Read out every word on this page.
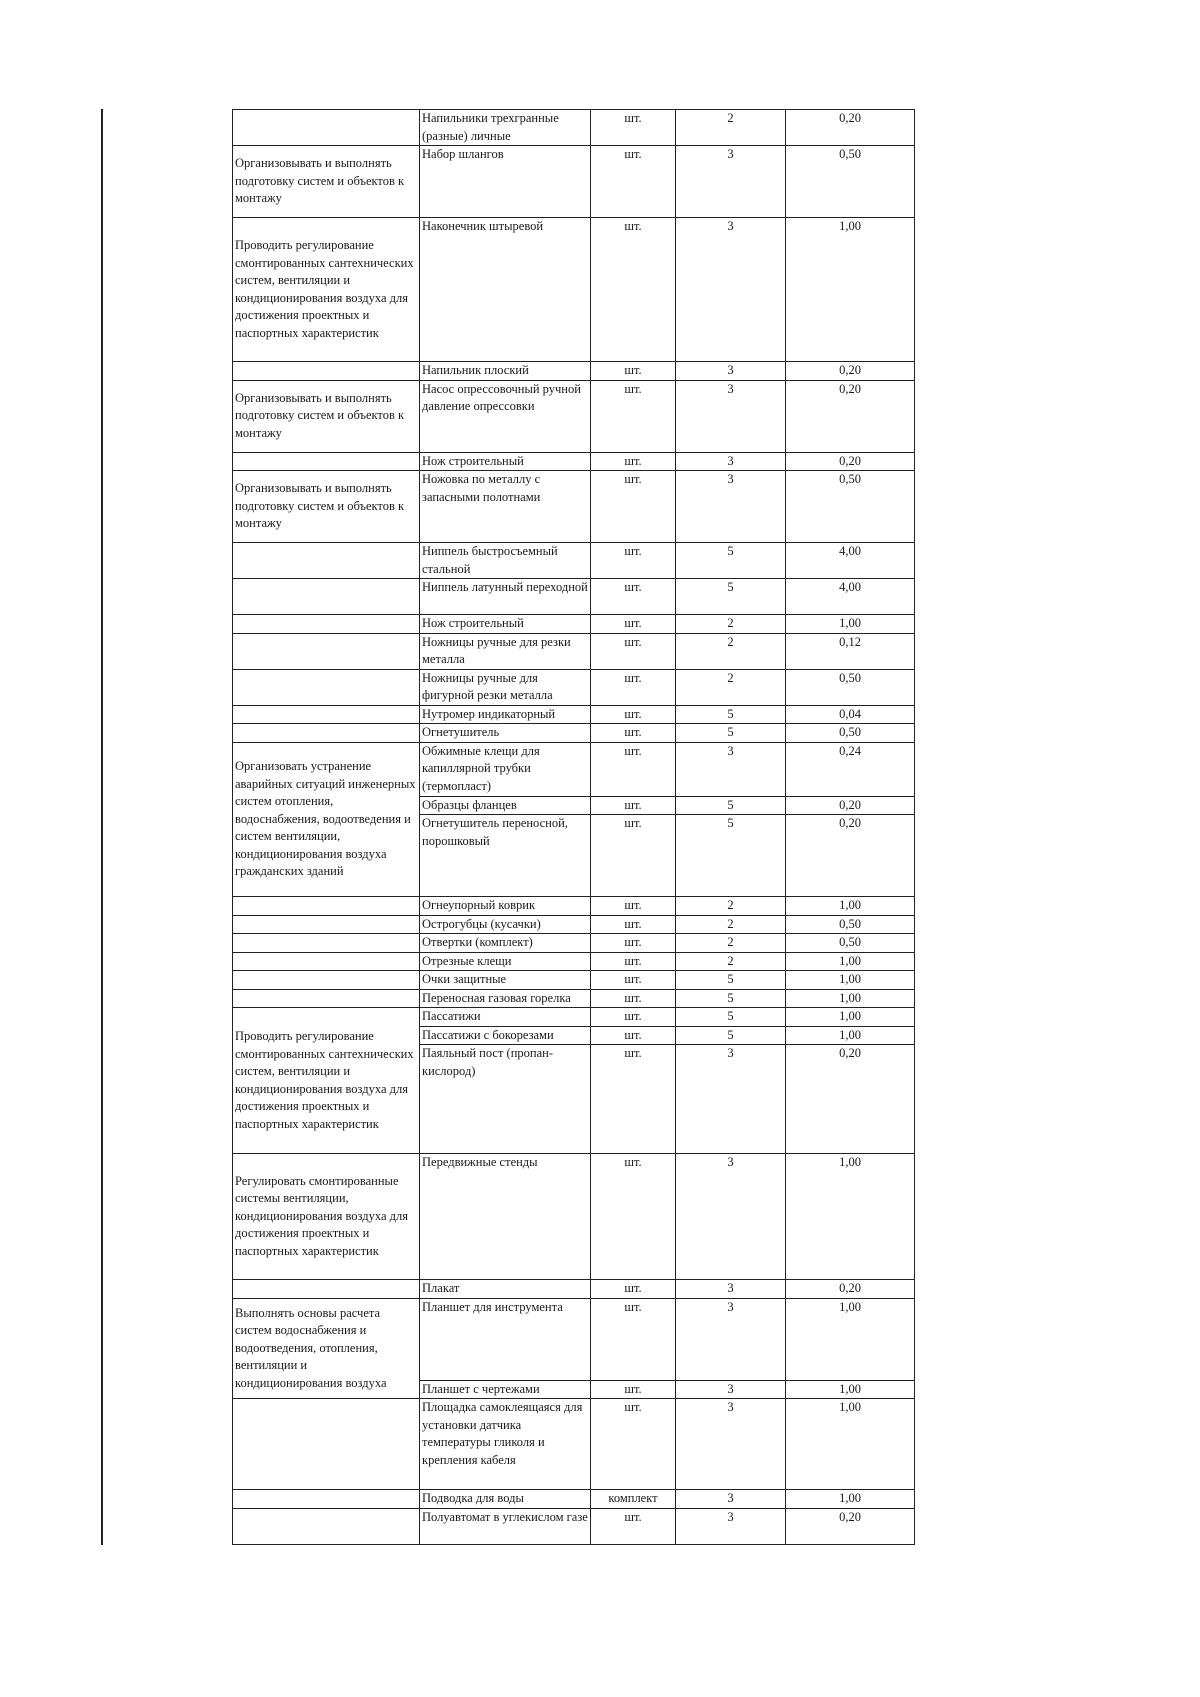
	Напильники трехгранные (разные) личные	шт.	2	0,20
Организовывать и выполнять подготовку систем и объектов к монтажу	Набор шлангов	шт.	3	0,50
Проводить регулирование смонтированных сантехнических систем, вентиляции и кондиционирования воздуха для достижения проектных и паспортных характеристик	Наконечник штыревой	шт.	3	1,00
	Напильник плоский	шт.	3	0,20
Организовывать и выполнять подготовку систем и объектов к монтажу	Насос опрессовочный ручной давление опрессовки	шт.	3	0,20
	Нож строительный	шт.	3	0,20
Организовывать и выполнять подготовку систем и объектов к монтажу	Ножовка по металлу с запасными полотнами	шт.	3	0,50
	Ниппель быстросъемный стальной	шт.	5	4,00
	Ниппель латунный переходной	шт.	5	4,00
	Нож строительный	шт.	2	1,00
	Ножницы ручные для резки металла	шт.	2	0,12
	Ножницы ручные для фигурной резки металла	шт.	2	0,50
	Нутромер индикаторный	шт.	5	0,04
	Огнетушитель	шт.	5	0,50
Организовать устранение аварийных ситуаций инженерных систем отопления, водоснабжения, водоотведения и систем вентиляции, кондиционирования воздуха гражданских зданий	Обжимные клещи для капиллярной трубки (термопласт)	шт.	3	0,24
	Образцы фланцев	шт.	5	0,20
	Огнетушитель переносной, порошковый	шт.	5	0,20
	Огнеупорный коврик	шт.	2	1,00
	Острогубцы (кусачки)	шт.	2	0,50
	Отвертки (комплект)	шт.	2	0,50
	Отрезные клещи	шт.	2	1,00
	Очки защитные	шт.	5	1,00
	Переносная газовая горелка	шт.	5	1,00
Проводить регулирование смонтированных сантехнических систем, вентиляции и кондиционирования воздуха для достижения проектных и паспортных характеристик	Пассатижи	шт.	5	1,00
	Пассатижи с бокорезами	шт.	5	1,00
	Паяльный пост (пропан-кислород)	шт.	3	0,20
Регулировать смонтированные системы вентиляции, кондиционирования воздуха для достижения проектных и паспортных характеристик	Передвижные стенды	шт.	3	1,00
	Плакат	шт.	3	0,20
Выполнять основы расчета систем водоснабжения и водоотведения, отопления, вентиляции и кондиционирования воздуха	Планшет для инструмента	шт.	3	1,00
	Планшет с чертежами	шт.	3	1,00
	Площадка самоклеящаяся для установки датчика температуры гликоля и крепления кабеля	шт.	3	1,00
	Подводка для воды	комплект	3	1,00
	Полуавтомат в углекислом газе	шт.	3	0,20
